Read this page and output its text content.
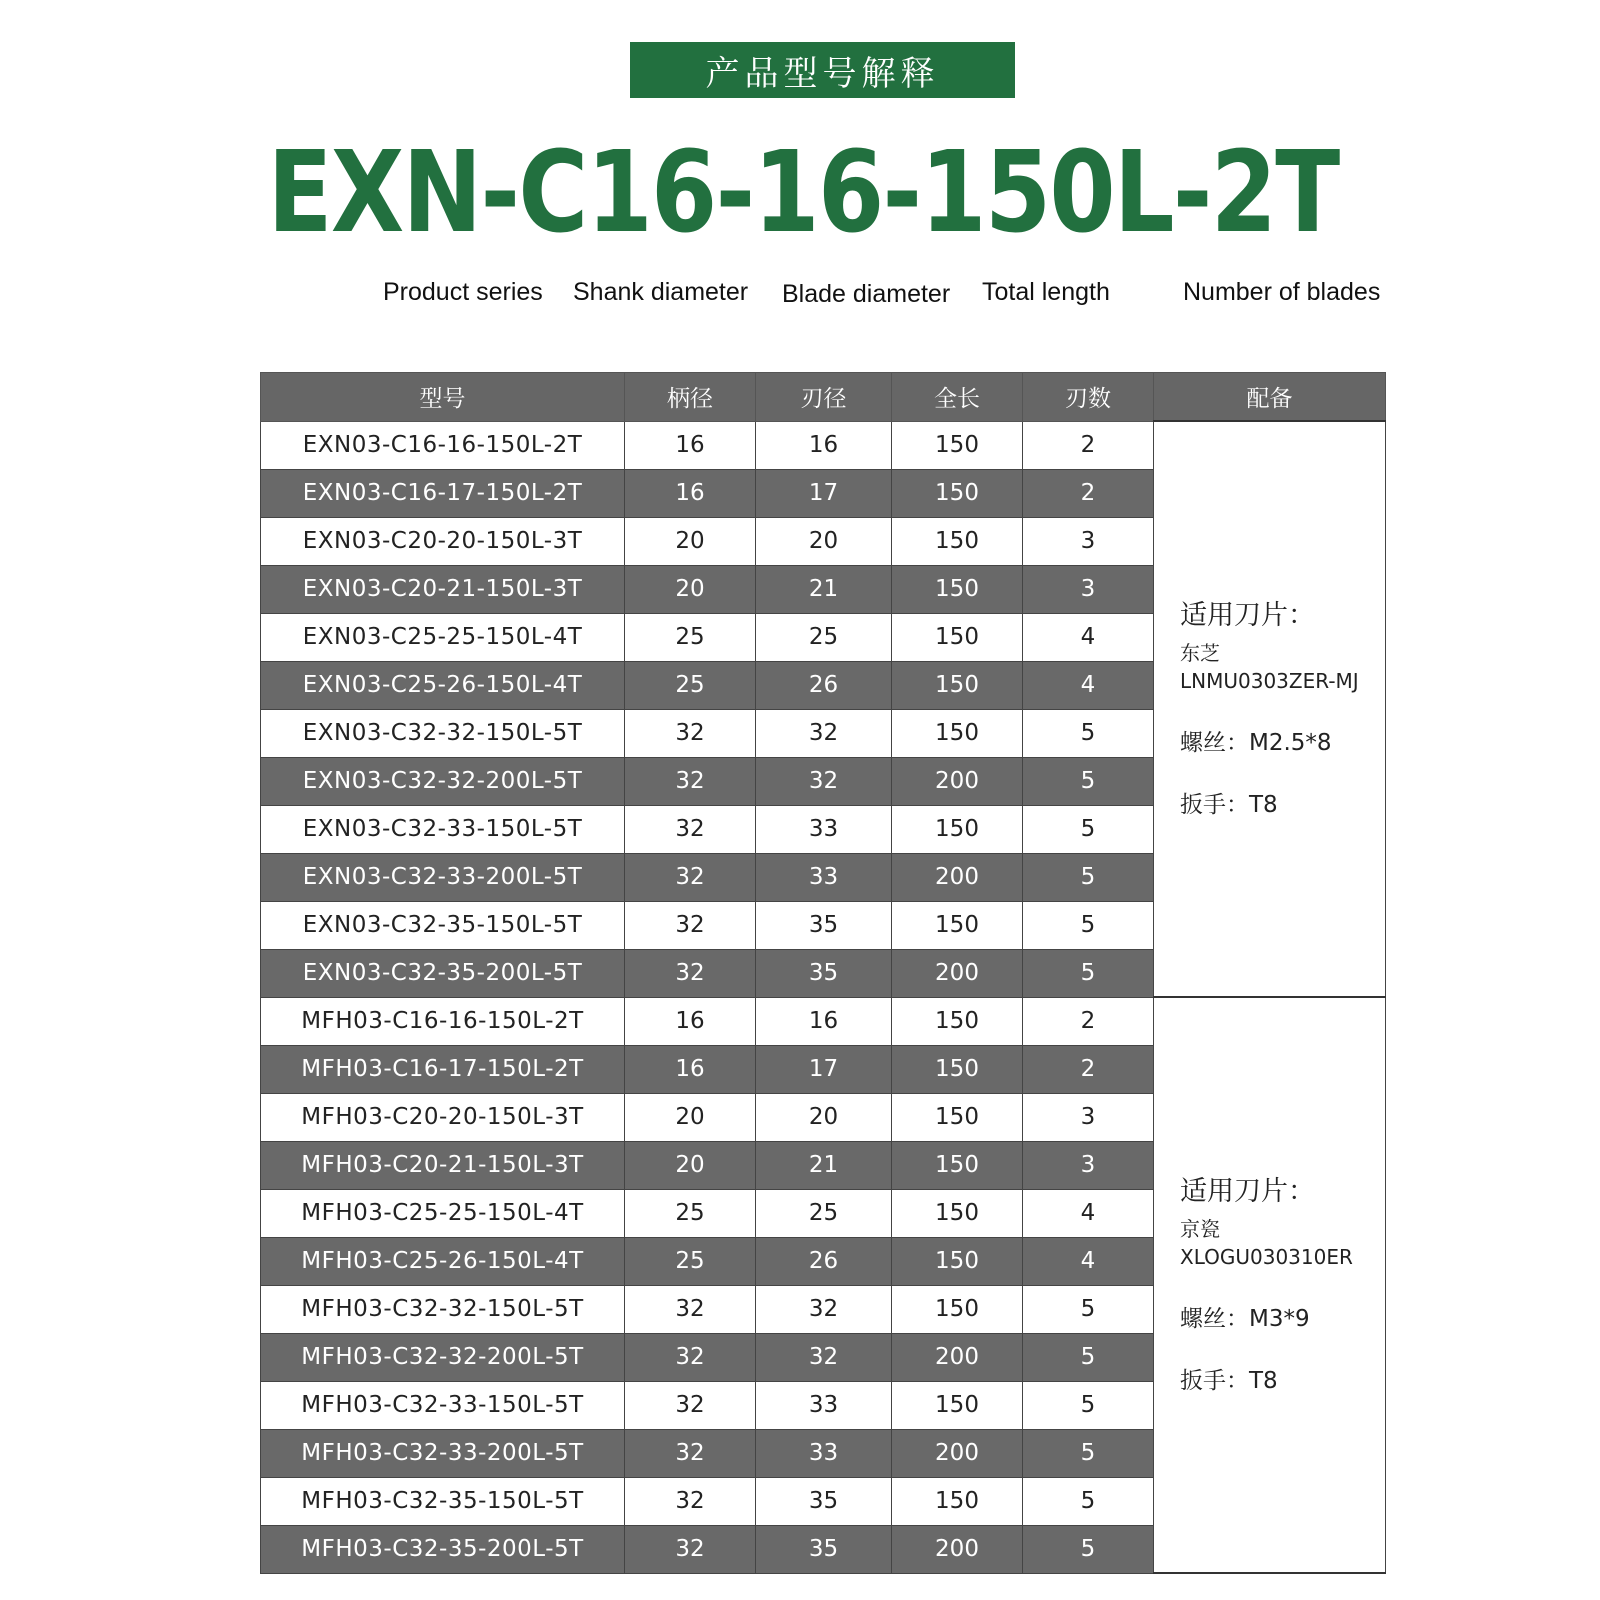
产品型号解释
EXN-C16-16-150L-2T
Product series Shank diameter Blade diameter Total length	Number of blades
型号	柄径	刃径	全长	刃数	配备
EXN03-C16-16-150L-2T	16	16	150	2	适用刀片：
东芝
LNMU0303ZER-MJ
螺丝：M2.5*8
扳手：T8

EXN03-C16-17-150L-2T	16	17	150	2	
EXN03-C20-20-150L-3T	20	20	150	3	
EXN03-C20-21-150L-3T	20	21	150	3	
EXN03-C25-25-150L-4T	25	25	150	4	
EXN03-C25-26-150L-4T	25	26	150	4	
EXN03-C32-32-150L-5T	32	32	150	5	
EXN03-C32-32-200L-5T	32	32	200	5	
EXN03-C32-33-150L-5T	32	33	150	5	
EXN03-C32-33-200L-5T	32	33	200	5	
EXN03-C32-35-150L-5T	32	35	150	5	
EXN03-C32-35-200L-5T	32	35	200	5	
MFH03-C16-16-150L-2T	16	16	150	2	适用刀片：
京瓷
XLOGU030310ER
螺丝：M3*9
扳手：T8

MFH03-C16-17-150L-2T	16	17	150	2	
MFH03-C20-20-150L-3T	20	20	150	3	
MFH03-C20-21-150L-3T	20	21	150	3	
MFH03-C25-25-150L-4T	25	25	150	4	
MFH03-C25-26-150L-4T	25	26	150	4	
MFH03-C32-32-150L-5T	32	32	150	5	
MFH03-C32-32-200L-5T	32	32	200	5	
MFH03-C32-33-150L-5T	32	33	150	5	
MFH03-C32-33-200L-5T	32	33	200	5	
MFH03-C32-35-150L-5T	32	35	150	5	
MFH03-C32-35-200L-5T	32	35	200	5	
